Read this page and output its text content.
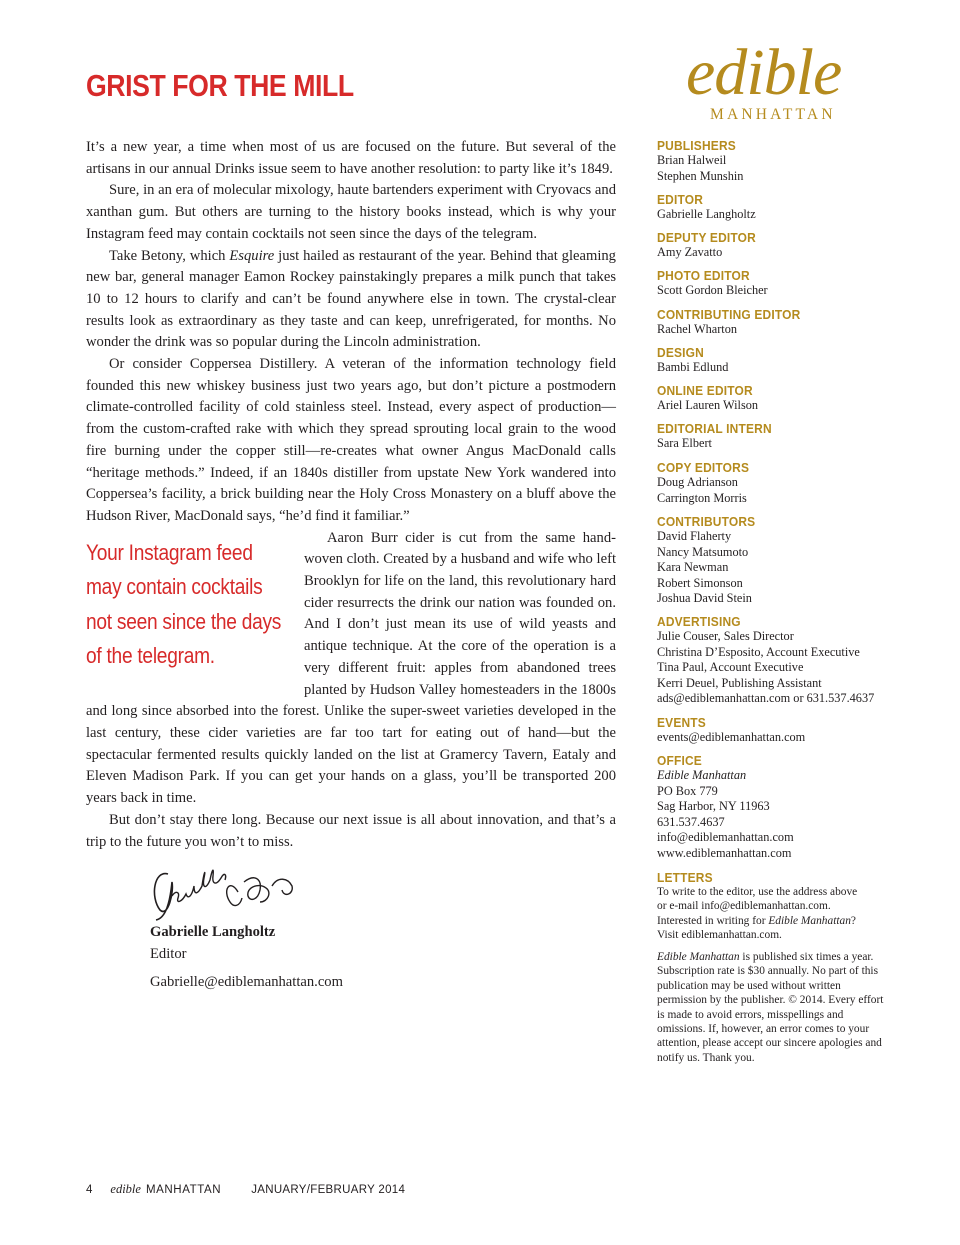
GRIST FOR THE MILL

It’s a new year, a time when most of us are focused on the future. But several of the artisans in our annual Drinks issue seem to have another resolution: to party like it’s 1849.

Sure, in an era of molecular mixology, haute bartenders experiment with Cryovacs and xanthan gum. But others are turning to the history books instead, which is why your Instagram feed may contain cocktails not seen since the days of the telegram.

Take Betony, which Esquire just hailed as restaurant of the year. Behind that gleaming new bar, general manager Eamon Rockey painstakingly prepares a milk punch that takes 10 to 12 hours to clarify and can’t be found anywhere else in town. The crystal-clear results look as extraordinary as they taste and can keep, unrefrigerated, for months. No wonder the drink was so popular during the Lincoln administration.

Or consider Coppersea Distillery. A veteran of the information technology field founded this new whiskey business just two years ago, but don’t picture a postmodern climate-controlled facility of cold stainless steel. Instead, every aspect of production—from the custom-crafted rake with which they spread sprouting local grain to the wood fire burning under the copper still—re-creates what owner Angus MacDonald calls “heritage methods.” Indeed, if an 1840s distiller from upstate New York wandered into Coppersea’s facility, a brick building near the Holy Cross Monastery on a bluff above the Hudson River, MacDonald says, “he’d find it familiar.”

Your Instagram feed
may contain cocktails
not seen since the days
of the telegram.

Aaron Burr cider is cut from the same hand-woven cloth. Created by a husband and wife who left Brooklyn for life on the land, this revolutionary hard cider resurrects the drink our nation was founded on. And I don’t just mean its use of wild yeasts and antique technique. At the core of the operation is a very different fruit: apples from abandoned trees planted by Hudson Valley homesteaders in the 1800s and long since absorbed into the forest. Unlike the super-sweet varieties developed in the last century, these cider varieties are far too tart for eating out of hand—but the spectacular fermented results quickly landed on the list at Gramercy Tavern, Eataly and Eleven Madison Park. If you can get your hands on a glass, you’ll be transported 200 years back in time.

But don’t stay there long. Because our next issue is all about innovation, and that’s a trip to the future you won’t to miss.

Gabrielle Langholtz
Editor
Gabrielle@ediblemanhattan.com
edible
MANHATTAN
PUBLISHERS
Brian Halweil
Stephen Munshin
EDITOR
Gabrielle Langholtz
DEPUTY EDITOR
Amy Zavatto
PHOTO EDITOR
Scott Gordon Bleicher
CONTRIBUTING EDITOR
Rachel Wharton
DESIGN
Bambi Edlund
ONLINE EDITOR
Ariel Lauren Wilson
EDITORIAL INTERN
Sara Elbert
COPY EDITORS
Doug Adrianson
Carrington Morris
CONTRIBUTORS
David Flaherty
Nancy Matsumoto
Kara Newman
Robert Simonson
Joshua David Stein
ADVERTISING
Julie Couser, Sales Director
Christina D’Esposito, Account Executive
Tina Paul, Account Executive
Kerri Deuel, Publishing Assistant
ads@ediblemanhattan.com or 631.537.4637
EVENTS
events@ediblemanhattan.com
OFFICE
Edible Manhattan
PO Box 779
Sag Harbor, NY 11963
631.537.4637
info@ediblemanhattan.com
www.ediblemanhattan.com
LETTERS
To write to the editor, use the address above
or e-mail info@ediblemanhattan.com.
Interested in writing for Edible Manhattan?
Visit ediblemanhattan.com.
Edible Manhattan is published six times a year. Subscription rate is $30 annually. No part of this publication may be used without written permission by the publisher. © 2014. Every effort is made to avoid errors, misspellings and omissions. If, however, an error comes to your attention, please accept our sincere apologies and notify us. Thank you.
4 edible MANHATTAN	JANUARY/FEBRUARY 2014
